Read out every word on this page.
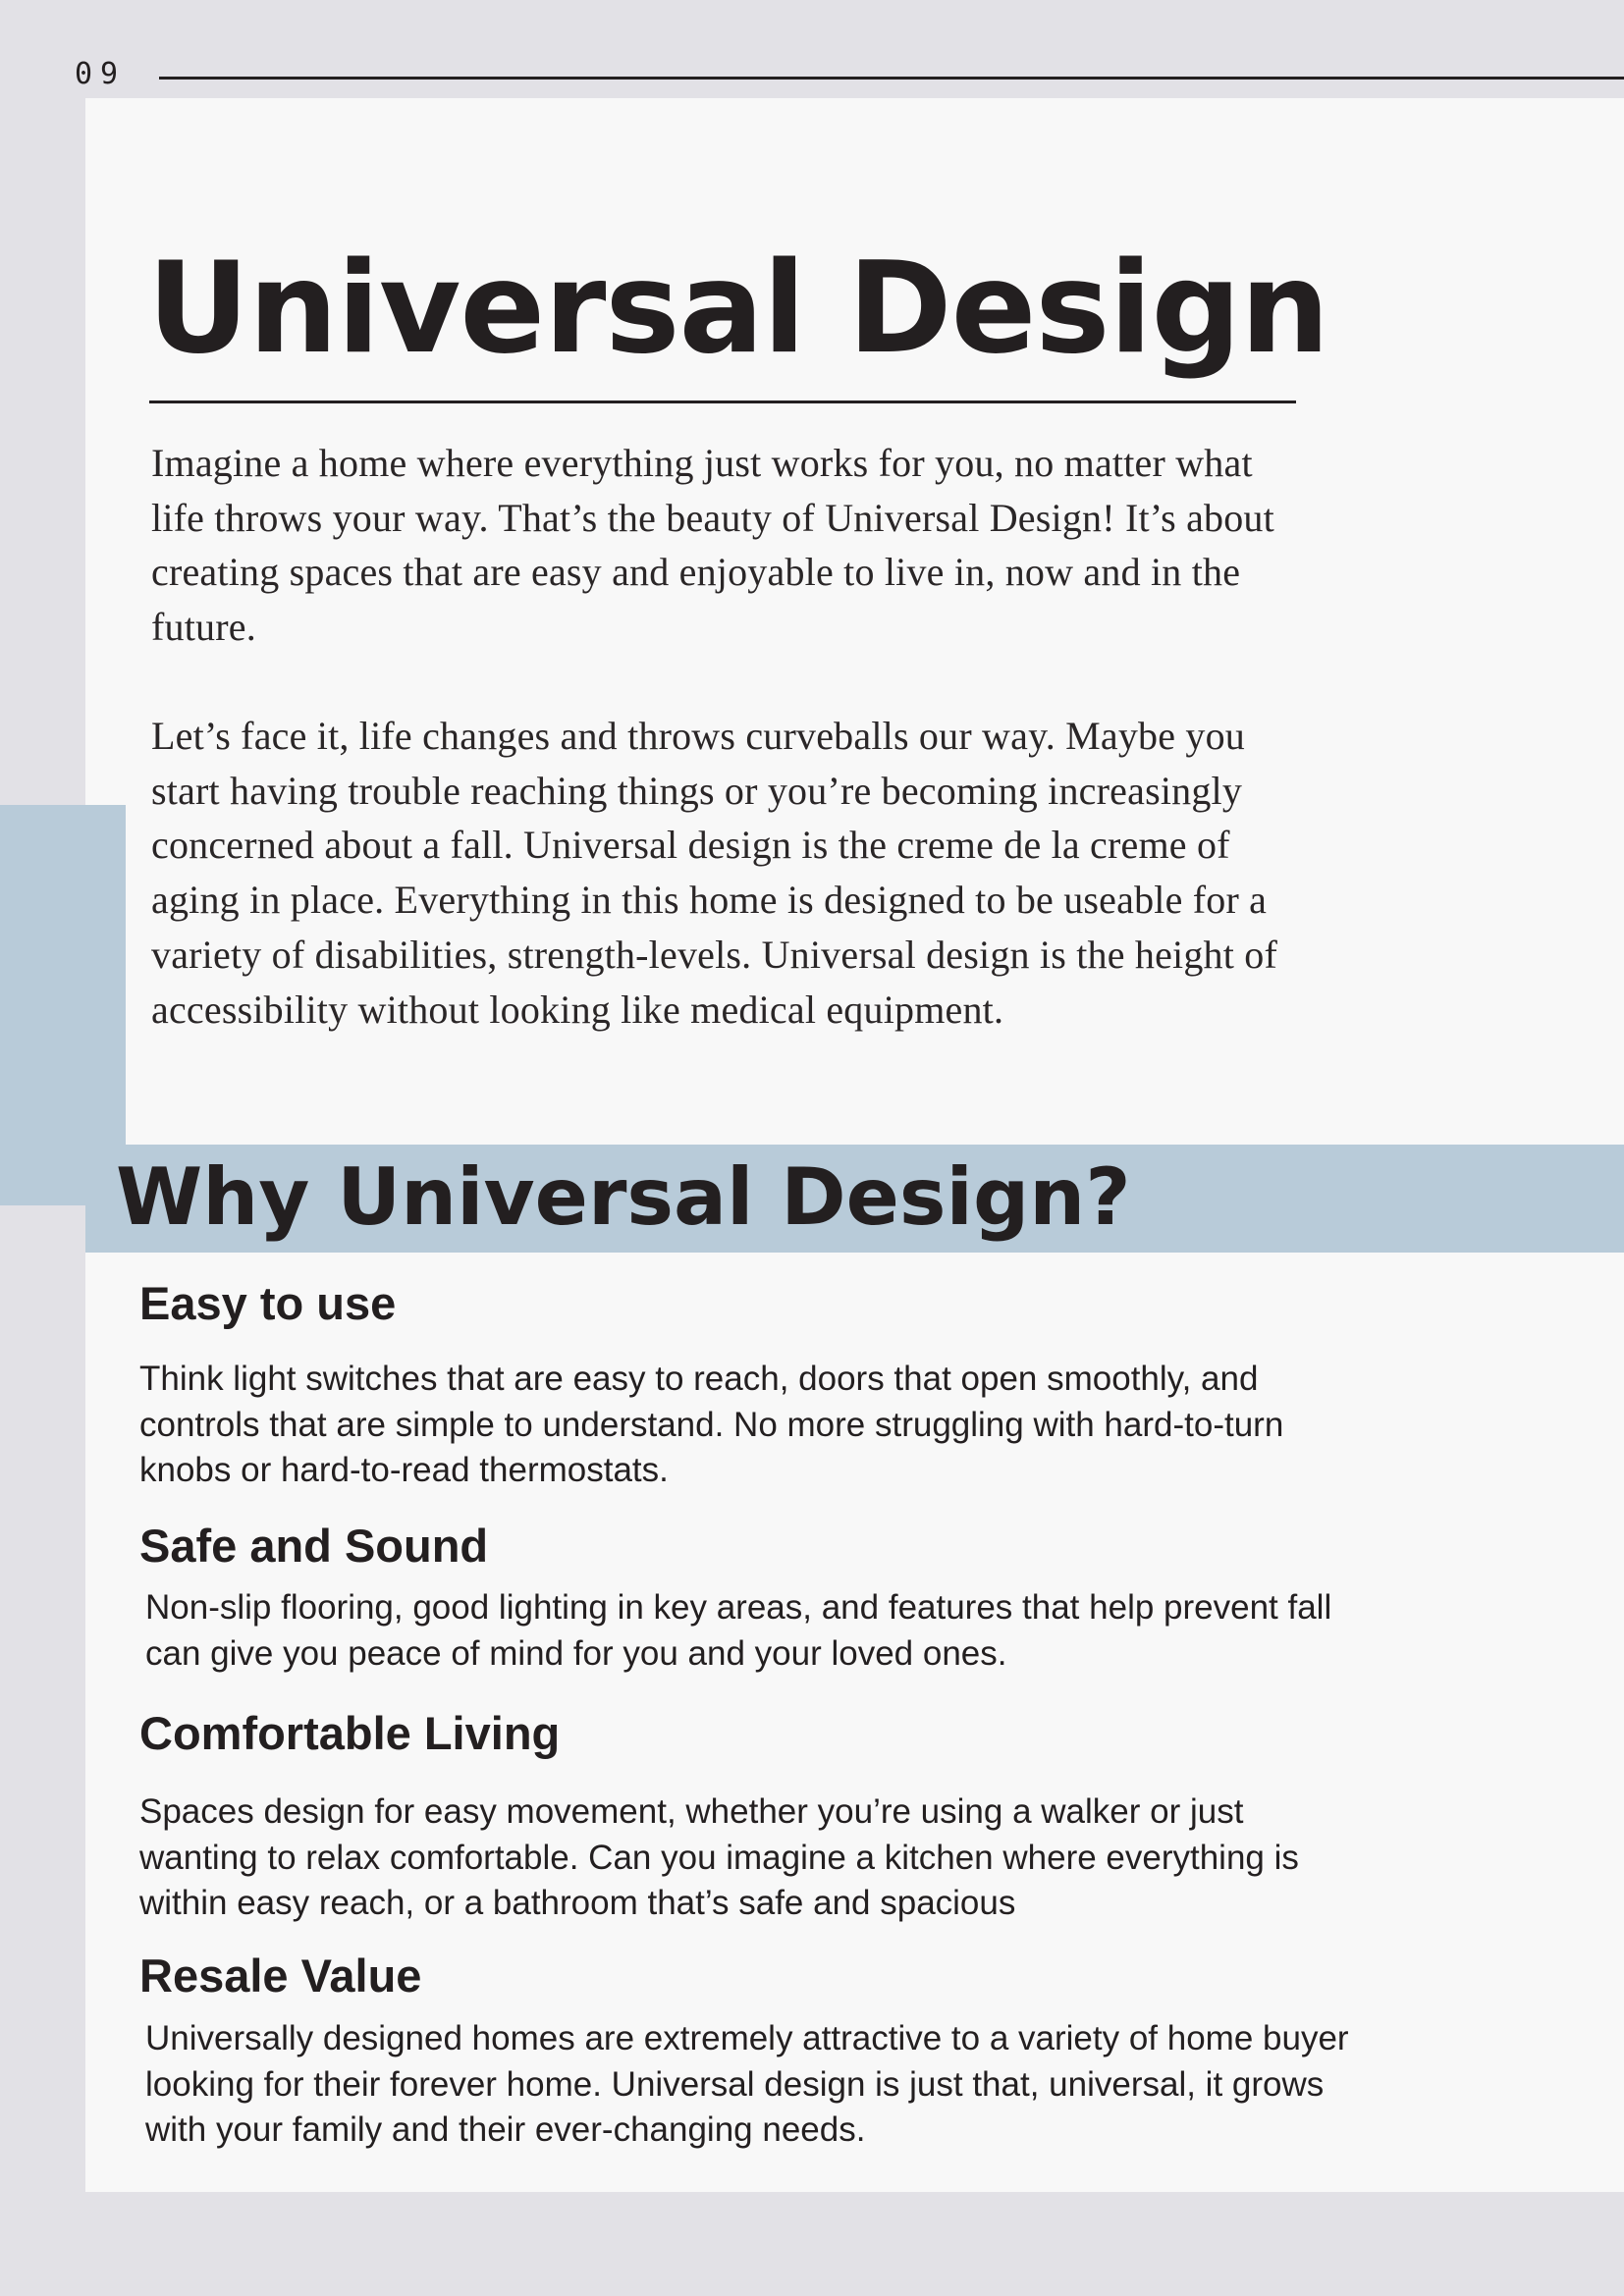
09
Universal Design

Imagine a home where everything just works for you, no matter what life throws your way. That’s the beauty of Universal Design! It’s about creating spaces that are easy and enjoyable to live in, now and in the future.

Let’s face it, life changes and throws curveballs our way. Maybe you start having trouble reaching things or you’re becoming increasingly concerned about a fall. Universal design is the creme de la creme of aging in place. Everything in this home is designed to be useable for a variety of disabilities, strength-levels. Universal design is the height of accessibility without looking like medical equipment.

Why Universal Design?
Easy to use

Think light switches that are easy to reach, doors that open smoothly, and controls that are simple to understand. No more struggling with hard-to-turn knobs or hard-to-read thermostats.

Safe and Sound

Non-slip flooring, good lighting in key areas, and features that help prevent fall can give you peace of mind for you and your loved ones.

Comfortable Living

Spaces design for easy movement, whether you’re using a walker or just wanting to relax comfortable. Can you imagine a kitchen where everything is within easy reach, or a bathroom that’s safe and spacious

Resale Value

Universally designed homes are extremely attractive to a variety of home buyer looking for their forever home. Universal design is just that, universal, it grows with your family and their ever-changing needs.
